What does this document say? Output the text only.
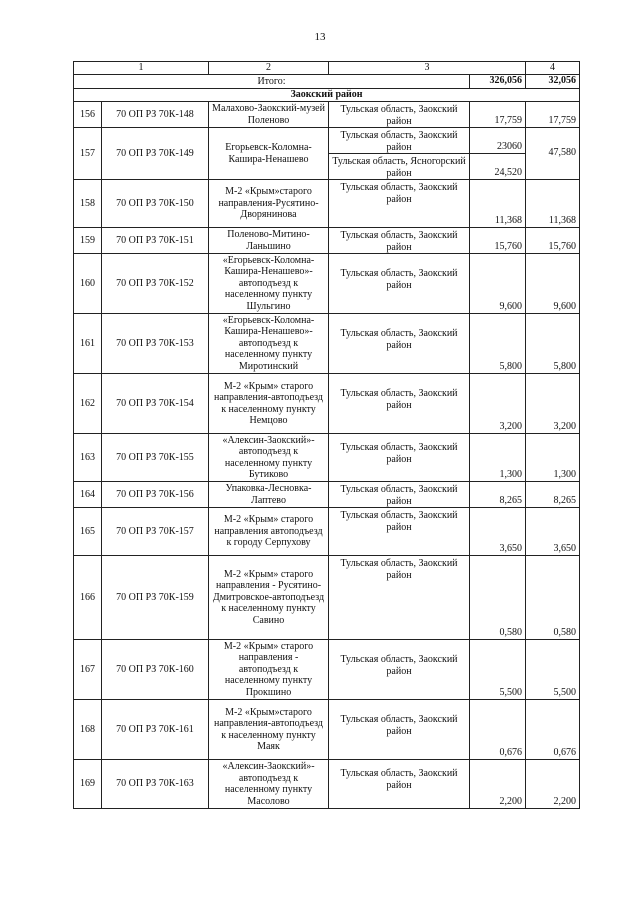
13
1		2	3		4
Итого:				326,056	32,056
Заокский район					
156	70 ОП РЗ 70К-148	Малахово-Заокский-музей Поленово	Тульская область, Заокский район	17,759	17,759
157	70 ОП РЗ 70К-149	Егорьевск-Коломна-Кашира-Ненашево	Тульская область, Заокский район	23060	47,580
			Тульская область, Ясногорский район	24,520	
158	70 ОП РЗ 70К-150	М-2 «Крым»старого направления-Русятино-Дворянинова	Тульская область, Заокский район	11,368	11,368
159	70 ОП РЗ 70К-151	Поленово-Митино-Ланьшино	Тульская область, Заокский район	15,760	15,760
160	70 ОП РЗ 70К-152	«Егорьевск-Коломна-Кашира-Ненашево»-автоподъезд к населенному пункту Шульгино	Тульская область, Заокский район	9,600	9,600
161	70 ОП РЗ 70К-153	«Егорьевск-Коломна-Кашира-Ненашево»-автоподъезд к населенному пункту Миротинский	Тульская область, Заокский район	5,800	5,800
162	70 ОП РЗ 70К-154	М-2 «Крым» старого направления-автоподъезд к населенному пункту Немцово	Тульская область, Заокский район	3,200	3,200
163	70 ОП РЗ 70К-155	«Алексин-Заокский»-автоподъезд к населенному пункту Бутиково	Тульская область, Заокский район	1,300	1,300
164	70 ОП РЗ 70К-156	Упаковка-Лесновка-Лаптево	Тульская область, Заокский район	8,265	8,265
165	70 ОП РЗ 70К-157	М-2 «Крым» старого направления автоподъезд к городу Серпухову	Тульская область, Заокский район	3,650	3,650
166	70 ОП РЗ 70К-159	М-2 «Крым» старого направления - Русятино-Дмитровское-автоподъезд к населенному пункту Савино	Тульская область, Заокский район	0,580	0,580
167	70 ОП РЗ 70К-160	М-2 «Крым» старого направления - автоподъезд к населенному пункту Прокшино	Тульская область, Заокский район	5,500	5,500
168	70 ОП РЗ 70К-161	М-2 «Крым»старого направления-автоподъезд к населенному пункту Маяк	Тульская область, Заокский район	0,676	0,676
169	70 ОП РЗ 70К-163	«Алексин-Заокский»-автоподъезд к населенному пункту Масолово	Тульская область, Заокский район	2,200	2,200
